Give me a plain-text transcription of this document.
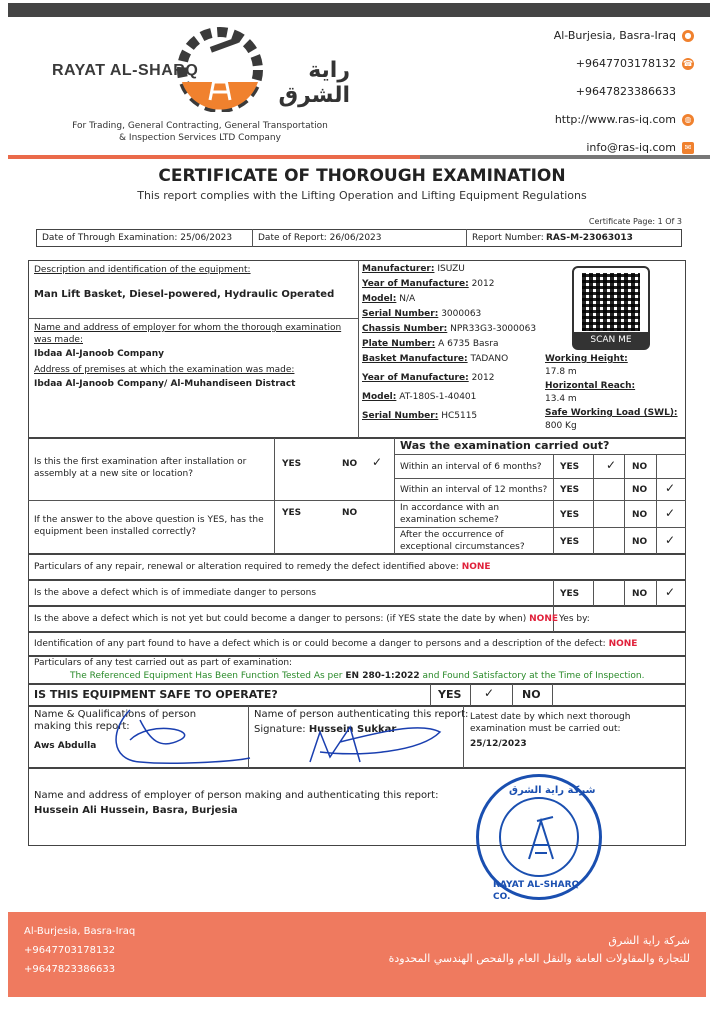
RAYAT AL-SHARQ	راية الشرق
For Trading, General Contracting, General Transportation
& Inspection Services LTD Company
Al-Burjesia, Basra-Iraq	●
+9647703178132 ☎
+9647823386633
http://www.ras-iq.com	◍
info@ras-iq.com	✉
CERTIFICATE OF THOROUGH EXAMINATION
This report complies with the Lifting Operation and Lifting Equipment Regulations
Certificate Page: 1 Of 3
Date of Through Examination: 25/06/2023	Date of Report: 26/06/2023	Report Number: RAS-M-23063013
Description and identification of the equipment:
Man Lift Basket, Diesel-powered, Hydraulic Operated
Name and address of employer for whom the thorough examination was made:
Ibdaa Al-Janoob Company
Address of premises at which the examination was made:
Ibdaa Al-Janoob Company/ Al-Muhandiseen Distract
Manufacturer: ISUZU
Year of Manufacture: 2012
Model: N/A
Serial Number: 3000063
Chassis Number: NPR33G3-3000063
Plate Number: A 6735 Basra
Basket Manufacture: TADANO
Year of Manufacture: 2012
Model: AT-180S-1-40401
Serial Number: HC5115
Working Height:
17.8 m
Horizontal Reach:
13.4 m
Safe Working Load (SWL):
800 Kg
SCAN ME
Is this the first examination after installation or assembly at a new site or location?
YES	NO ✓
If the answer to the above question is YES, has the equipment been installed correctly?
YES	NO
Was the examination carried out?
Within an interval of 6 months? YES ✓ NO
Within an interval of 12 months? YES	NO ✓
In accordance with an examination scheme?	YES	NO ✓
After the occurrence of exceptional circumstances?	YES	NO ✓
Particulars of any repair, renewal or alteration required to remedy the defect identified above: NONE
Is the above a defect which is of immediate danger to persons	YES	NO ✓
Is the above a defect which is not yet but could become a danger to persons: (if YES state the date by when) NONE Yes by:
Identification of any part found to have a defect which is or could become a danger to persons and a description of the defect: NONE
Particulars of any test carried out as part of examination:
The Referenced Equipment Has Been Function Tested As per EN 280-1:2022 and Found Satisfactory at the Time of Inspection.
IS THIS EQUIPMENT SAFE TO OPERATE?	YES ✓	NO
Name & Qualifications of person making this report:
Aws Abdulla
Name of person authenticating this report:
Signature: Hussein Sukkar
Latest date by which next thorough examination must be carried out:
25/12/2023
Name and address of employer of person making and authenticating this report:
Hussein Ali Hussein, Basra, Burjesia
شركة راية الشرق
RAYAT AL-SHARQ CO.
Al-Burjesia, Basra-Iraq
+9647703178132
+9647823386633
شركة راية الشرق
للتجارة والمقاولات العامة والنقل العام والفحص الهندسي المحدودة
